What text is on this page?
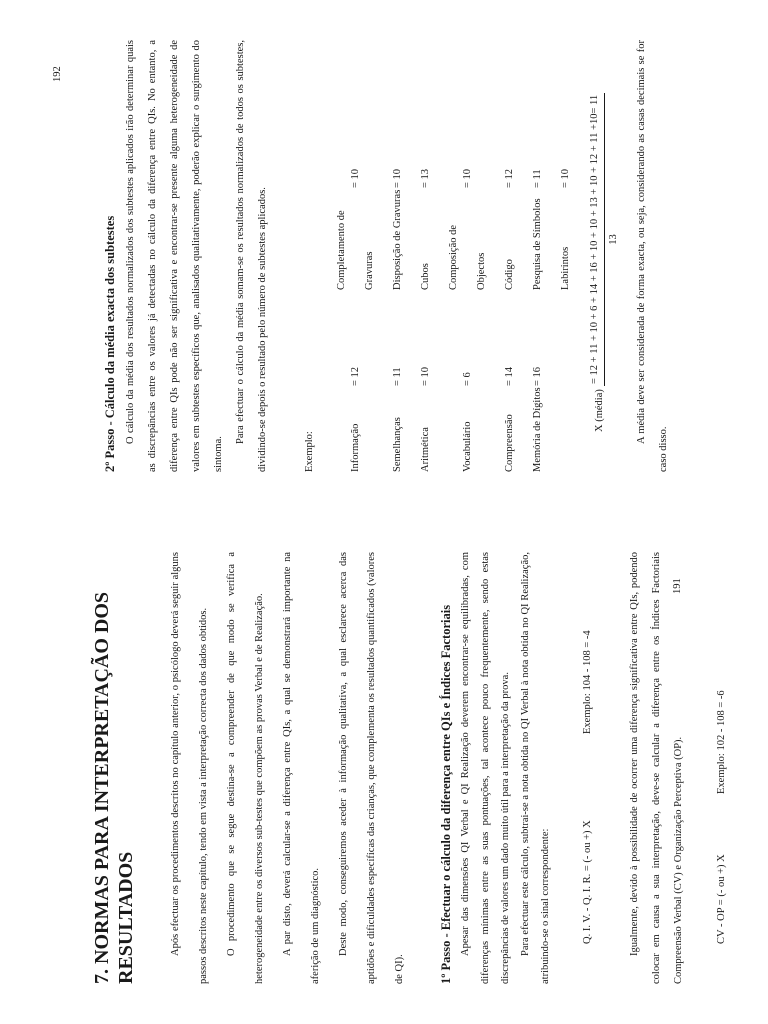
7. NORMAS PARA INTERPRETAÇÃO DOS RESULTADOS	Após efectuar os procedimentos descritos no capítulo anterior, o psicólogo deverá seguir alguns passos descritos neste capítulo, tendo em vista a interpretação correcta dos dados obtidos.	O procedimento que se segue destina-se a compreender de que modo se verifica a heterogeneidade entre os diversos sub-testes que compõem as provas Verbal e de Realização.	A par disto, deverá calcular-se a diferença entre QIs, a qual se demonstrará importante na aferição de um diagnóstico.	Deste modo, conseguiremos aceder à informação qualitativa, a qual esclarece acerca das aptidões e dificuldades específicas das crianças, que complementa os resultados quantificados (valores de QI).	1º Passo - Efectuar o cálculo da diferença entre QIs e Índices Factoriais Apesar das dimensões QI Verbal e QI Realização deverem encontrar-se equilibradas, com diferenças mínimas entre as suas pontuações, tal acontece pouco frequentemente, sendo estas discrepâncias de valores um dado muito útil para a interpretação da prova. Para efectuar este cálculo, subtrai-se a nota obtida no QI Verbal à nota obtida no QI Realização, atribuindo-se o sinal correspondente:	Q. I. V. - Q. I. R. = (- ou +) X
Exemplo: 104 - 108 = -4	Igualmente, devido à possibilidade de ocorrer uma diferença significativa entre QIs, podendo colocar em causa a sua interpretação, deve-se calcular a diferença entre os Índices Factoriais Compreensão Verbal (CV) e Organização Perceptiva (OP).	CV - OP = (- ou +) X
Exemplo: 102 - 108 = -6
191
2º Passo - Cálculo da média exacta dos subtestes O cálculo da média dos resultados normalizados dos subtestes aplicados irão determinar quais as discrepâncias entre os valores já detectadas no cálculo da diferença entre QIs. No entanto, a diferença entre QIs pode não ser significativa e encontrar-se presente alguma heterogeneidade de valores em subtestes específicos que, analisados qualitativamente, poderão explicar o surgimento do sintoma.

Para efectuar o cálculo da média somam-se os resultados normalizados de todos os subtestes, dividindo-se depois o resultado pelo número de subtestes aplicados.	Exemplo:	Informação	= 12	Completamento de Gravuras	= 10
Semelhanças	= 11	Disposição de Gravuras	= 10
Aritmética	= 10	Cubos	= 13
Vocabulário	= 6	Composição de Objectos	= 10
Compreensão	= 14	Código	= 12
Memória de Dígitos	= 16	Pesquisa de Símbolos	= 11
		Labirintos	= 10
X (média)
= 12 + 11 + 10 + 6 + 14 + 16 + 10 + 10 + 13 + 10 + 12 + 11 +10= 11 13	A média deve ser considerada de forma exacta, ou seja, considerando as casas decimais se for caso disso.

192
